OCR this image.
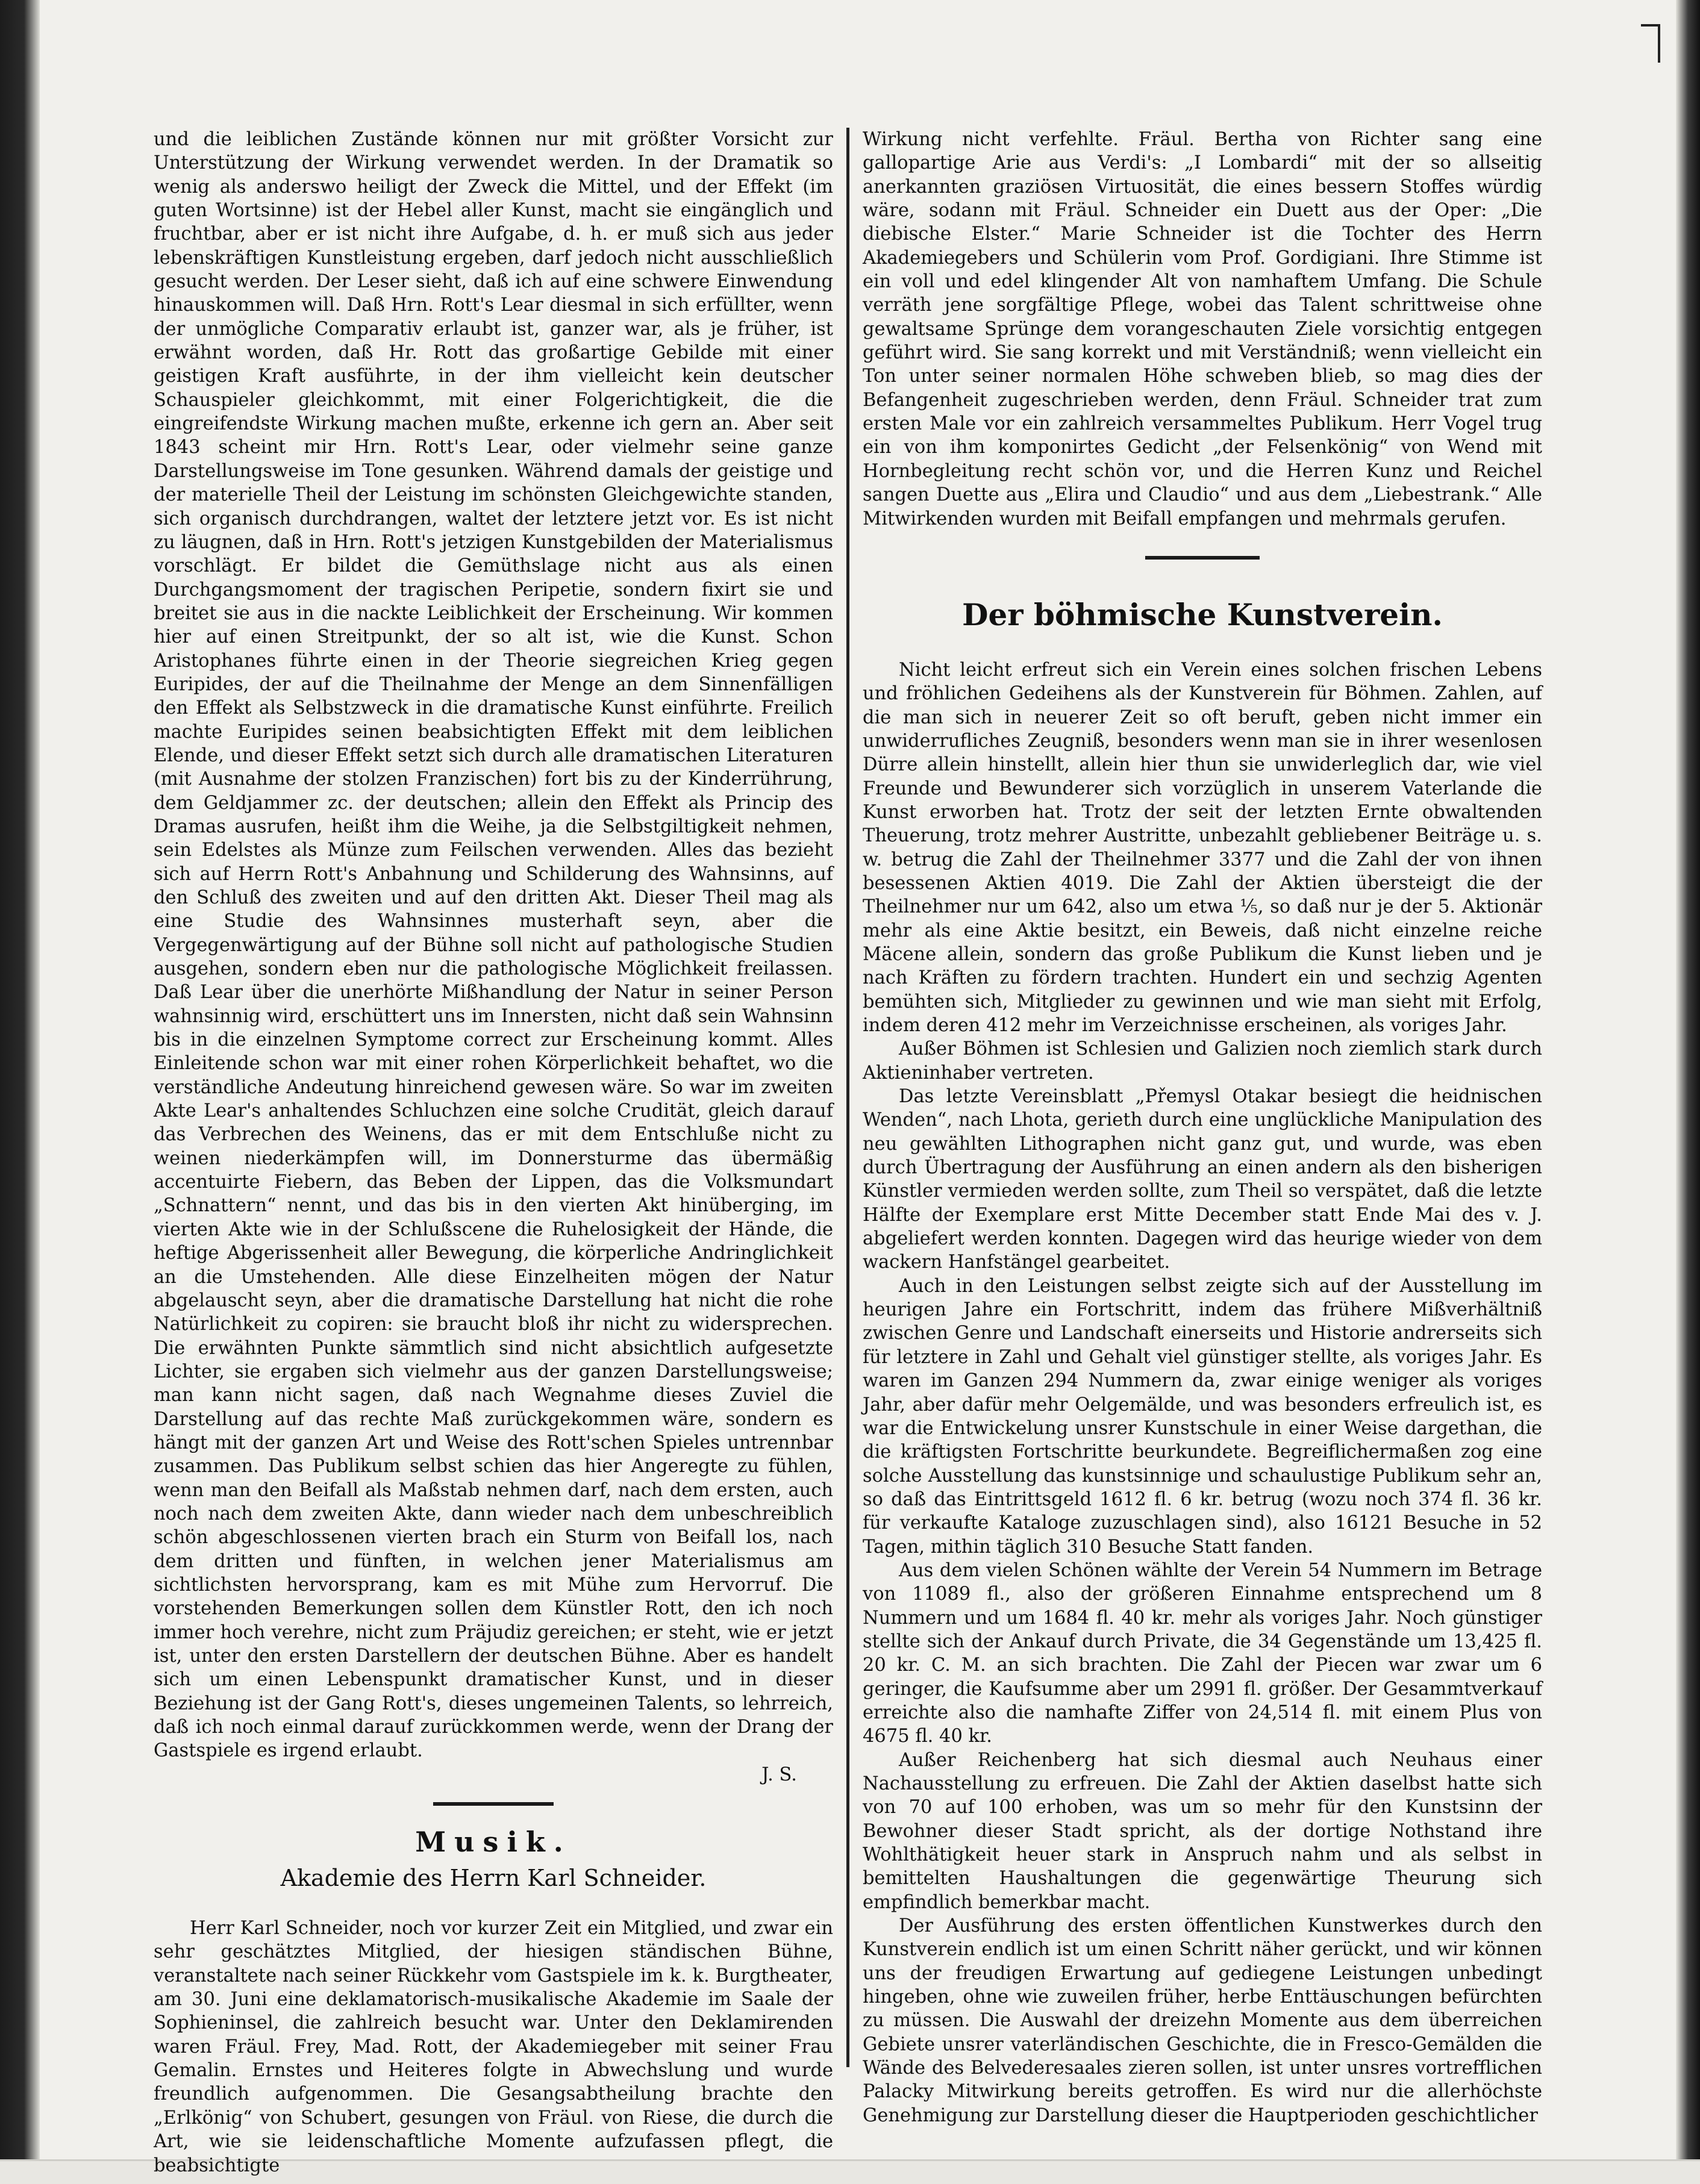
und die leiblichen Zustände können nur mit größter Vorsicht zur Unterstützung der Wirkung verwendet werden. In der Dramatik so wenig als anderswo heiligt der Zweck die Mittel, und der Effekt (im guten Wortsinne) ist der Hebel aller Kunst, macht sie eingänglich und fruchtbar, aber er ist nicht ihre Aufgabe, d. h. er muß sich aus jeder lebenskräftigen Kunstleistung ergeben, darf jedoch nicht ausschließlich gesucht werden. Der Leser sieht, daß ich auf eine schwere Einwendung hinauskommen will. Daß Hrn. Rott's Lear diesmal in sich erfüllter, wenn der unmögliche Comparativ erlaubt ist, ganzer war, als je früher, ist erwähnt worden, daß Hr. Rott das großartige Gebilde mit einer geistigen Kraft ausführte, in der ihm vielleicht kein deutscher Schauspieler gleichkommt, mit einer Folgerichtigkeit, die die eingreifendste Wirkung machen mußte, erkenne ich gern an. Aber seit 1843 scheint mir Hrn. Rott's Lear, oder vielmehr seine ganze Darstellungsweise im Tone gesunken. Während damals der geistige und der materielle Theil der Leistung im schönsten Gleichgewichte standen, sich organisch durchdrangen, waltet der letztere jetzt vor. Es ist nicht zu läugnen, daß in Hrn. Rott's jetzigen Kunstgebilden der Materialismus vorschlägt. Er bildet die Gemüthslage nicht aus als einen Durchgangsmoment der tragischen Peripetie, sondern fixirt sie und breitet sie aus in die nackte Leiblichkeit der Erscheinung. Wir kommen hier auf einen Streitpunkt, der so alt ist, wie die Kunst. Schon Aristophanes führte einen in der Theorie siegreichen Krieg gegen Euripides, der auf die Theilnahme der Menge an dem Sinnenfälligen den Effekt als Selbstzweck in die dramatische Kunst einführte. Freilich machte Euripides seinen beabsichtigten Effekt mit dem leiblichen Elende, und dieser Effekt setzt sich durch alle dramatischen Literaturen (mit Ausnahme der stolzen Franzischen) fort bis zu der Kinderrührung, dem Geldjammer zc. der deutschen; allein den Effekt als Princip des Dramas ausrufen, heißt ihm die Weihe, ja die Selbstgiltigkeit nehmen, sein Edelstes als Münze zum Feilschen verwenden. Alles das bezieht sich auf Herrn Rott's Anbahnung und Schilderung des Wahnsinns, auf den Schluß des zweiten und auf den dritten Akt. Dieser Theil mag als eine Studie des Wahnsinnes musterhaft seyn, aber die Vergegenwärtigung auf der Bühne soll nicht auf pathologische Studien ausgehen, sondern eben nur die pathologische Möglichkeit freilassen. Daß Lear über die unerhörte Mißhandlung der Natur in seiner Person wahnsinnig wird, erschüttert uns im Innersten, nicht daß sein Wahnsinn bis in die einzelnen Symptome correct zur Erscheinung kommt. Alles Einleitende schon war mit einer rohen Körperlichkeit behaftet, wo die verständliche Andeutung hinreichend gewesen wäre. So war im zweiten Akte Lear's anhaltendes Schluchzen eine solche Crudität, gleich darauf das Verbrechen des Weinens, das er mit dem Entschluße nicht zu weinen niederkämpfen will, im Donnersturme das übermäßig accentuirte Fiebern, das Beben der Lippen, das die Volksmundart „Schnattern“ nennt, und das bis in den vierten Akt hinüberging, im vierten Akte wie in der Schlußscene die Ruhelosigkeit der Hände, die heftige Abgerissenheit aller Bewegung, die körperliche Andringlichkeit an die Umstehenden. Alle diese Einzelheiten mögen der Natur abgelauscht seyn, aber die dramatische Darstellung hat nicht die rohe Natürlichkeit zu copiren: sie braucht bloß ihr nicht zu widersprechen. Die erwähnten Punkte sämmtlich sind nicht absichtlich aufgesetzte Lichter, sie ergaben sich vielmehr aus der ganzen Darstellungsweise; man kann nicht sagen, daß nach Wegnahme dieses Zuviel die Darstellung auf das rechte Maß zurückgekommen wäre, sondern es hängt mit der ganzen Art und Weise des Rott'schen Spieles untrennbar zusammen. Das Publikum selbst schien das hier Angeregte zu fühlen, wenn man den Beifall als Maßstab nehmen darf, nach dem ersten, auch noch nach dem zweiten Akte, dann wieder nach dem unbeschreiblich schön abgeschlossenen vierten brach ein Sturm von Beifall los, nach dem dritten und fünften, in welchen jener Materialismus am sichtlichsten hervorsprang, kam es mit Mühe zum Hervorruf. Die vorstehenden Bemerkungen sollen dem Künstler Rott, den ich noch immer hoch verehre, nicht zum Präjudiz gereichen; er steht, wie er jetzt ist, unter den ersten Darstellern der deutschen Bühne. Aber es handelt sich um einen Lebenspunkt dramatischer Kunst, und in dieser Beziehung ist der Gang Rott's, dieses ungemeinen Talents, so lehrreich, daß ich noch einmal darauf zurückkommen werde, wenn der Drang der Gastspiele es irgend erlaubt.

J. S.

Musik.

Akademie des Herrn Karl Schneider.

Herr Karl Schneider, noch vor kurzer Zeit ein Mitglied, und zwar ein sehr geschätztes Mitglied, der hiesigen ständischen Bühne, veranstaltete nach seiner Rückkehr vom Gastspiele im k. k. Burgtheater, am 30. Juni eine deklamatorisch-musikalische Akademie im Saale der Sophieninsel, die zahlreich besucht war. Unter den Deklamirenden waren Fräul. Frey, Mad. Rott, der Akademiegeber mit seiner Frau Gemalin. Ernstes und Heiteres folgte in Abwechslung und wurde freundlich aufgenommen. Die Gesangsabtheilung brachte den „Erlkönig“ von Schubert, gesungen von Fräul. von Riese, die durch die Art, wie sie leidenschaftliche Momente aufzufassen pflegt, die beabsichtigte

Wirkung nicht verfehlte. Fräul. Bertha von Richter sang eine gallopartige Arie aus Verdi's: „I Lombardi“ mit der so allseitig anerkannten graziösen Virtuosität, die eines bessern Stoffes würdig wäre, sodann mit Fräul. Schneider ein Duett aus der Oper: „Die diebische Elster.“ Marie Schneider ist die Tochter des Herrn Akademiegebers und Schülerin vom Prof. Gordigiani. Ihre Stimme ist ein voll und edel klingender Alt von namhaftem Umfang. Die Schule verräth jene sorgfältige Pflege, wobei das Talent schrittweise ohne gewaltsame Sprünge dem vorangeschauten Ziele vorsichtig entgegen geführt wird. Sie sang korrekt und mit Verständniß; wenn vielleicht ein Ton unter seiner normalen Höhe schweben blieb, so mag dies der Befangenheit zugeschrieben werden, denn Fräul. Schneider trat zum ersten Male vor ein zahlreich versammeltes Publikum. Herr Vogel trug ein von ihm komponirtes Gedicht „der Felsenkönig“ von Wend mit Hornbegleitung recht schön vor, und die Herren Kunz und Reichel sangen Duette aus „Elira und Claudio“ und aus dem „Liebestrank.“ Alle Mitwirkenden wurden mit Beifall empfangen und mehrmals gerufen.

Der böhmische Kunstverein.

Nicht leicht erfreut sich ein Verein eines solchen frischen Lebens und fröhlichen Gedeihens als der Kunstverein für Böhmen. Zahlen, auf die man sich in neuerer Zeit so oft beruft, geben nicht immer ein unwiderrufliches Zeugniß, besonders wenn man sie in ihrer wesenlosen Dürre allein hinstellt, allein hier thun sie unwiderleglich dar, wie viel Freunde und Bewunderer sich vorzüglich in unserem Vaterlande die Kunst erworben hat. Trotz der seit der letzten Ernte obwaltenden Theuerung, trotz mehrer Austritte, unbezahlt gebliebener Beiträge u. s. w. betrug die Zahl der Theilnehmer 3377 und die Zahl der von ihnen besessenen Aktien 4019. Die Zahl der Aktien übersteigt die der Theilnehmer nur um 642, also um etwa ⅕, so daß nur je der 5. Aktionär mehr als eine Aktie besitzt, ein Beweis, daß nicht einzelne reiche Mäcene allein, sondern das große Publikum die Kunst lieben und je nach Kräften zu fördern trachten. Hundert ein und sechzig Agenten bemühten sich, Mitglieder zu gewinnen und wie man sieht mit Erfolg, indem deren 412 mehr im Verzeichnisse erscheinen, als voriges Jahr.

Außer Böhmen ist Schlesien und Galizien noch ziemlich stark durch Aktieninhaber vertreten.

Das letzte Vereinsblatt „Přemysl Otakar besiegt die heidnischen Wenden“, nach Lhota, gerieth durch eine unglückliche Manipulation des neu gewählten Lithographen nicht ganz gut, und wurde, was eben durch Übertragung der Ausführung an einen andern als den bisherigen Künstler vermieden werden sollte, zum Theil so verspätet, daß die letzte Hälfte der Exemplare erst Mitte December statt Ende Mai des v. J. abgeliefert werden konnten. Dagegen wird das heurige wieder von dem wackern Hanfstängel gearbeitet.

Auch in den Leistungen selbst zeigte sich auf der Ausstellung im heurigen Jahre ein Fortschritt, indem das frühere Mißverhältniß zwischen Genre und Landschaft einerseits und Historie andrerseits sich für letztere in Zahl und Gehalt viel günstiger stellte, als voriges Jahr. Es waren im Ganzen 294 Nummern da, zwar einige weniger als voriges Jahr, aber dafür mehr Oelgemälde, und was besonders erfreulich ist, es war die Entwickelung unsrer Kunstschule in einer Weise dargethan, die die kräftigsten Fortschritte beurkundete. Begreiflichermaßen zog eine solche Ausstellung das kunstsinnige und schaulustige Publikum sehr an, so daß das Eintrittsgeld 1612 fl. 6 kr. betrug (wozu noch 374 fl. 36 kr. für verkaufte Kataloge zuzuschlagen sind), also 16121 Besuche in 52 Tagen, mithin täglich 310 Besuche Statt fanden.

Aus dem vielen Schönen wählte der Verein 54 Nummern im Betrage von 11089 fl., also der größeren Einnahme entsprechend um 8 Nummern und um 1684 fl. 40 kr. mehr als voriges Jahr. Noch günstiger stellte sich der Ankauf durch Private, die 34 Gegenstände um 13,425 fl. 20 kr. C. M. an sich brachten. Die Zahl der Piecen war zwar um 6 geringer, die Kaufsumme aber um 2991 fl. größer. Der Gesammtverkauf erreichte also die namhafte Ziffer von 24,514 fl. mit einem Plus von 4675 fl. 40 kr.

Außer Reichenberg hat sich diesmal auch Neuhaus einer Nachausstellung zu erfreuen. Die Zahl der Aktien daselbst hatte sich von 70 auf 100 erhoben, was um so mehr für den Kunstsinn der Bewohner dieser Stadt spricht, als der dortige Nothstand ihre Wohlthätigkeit heuer stark in Anspruch nahm und als selbst in bemittelten Haushaltungen die gegenwärtige Theurung sich empfindlich bemerkbar macht.

Der Ausführung des ersten öffentlichen Kunstwerkes durch den Kunstverein endlich ist um einen Schritt näher gerückt, und wir können uns der freudigen Erwartung auf gediegene Leistungen unbedingt hingeben, ohne wie zuweilen früher, herbe Enttäuschungen befürchten zu müssen. Die Auswahl der dreizehn Momente aus dem überreichen Gebiete unsrer vaterländischen Geschichte, die in Fresco-Gemälden die Wände des Belvederesaales zieren sollen, ist unter unsres vortrefflichen Palacky Mitwirkung bereits getroffen. Es wird nur die allerhöchste Genehmigung zur Darstellung dieser die Hauptperioden geschichtlicher
